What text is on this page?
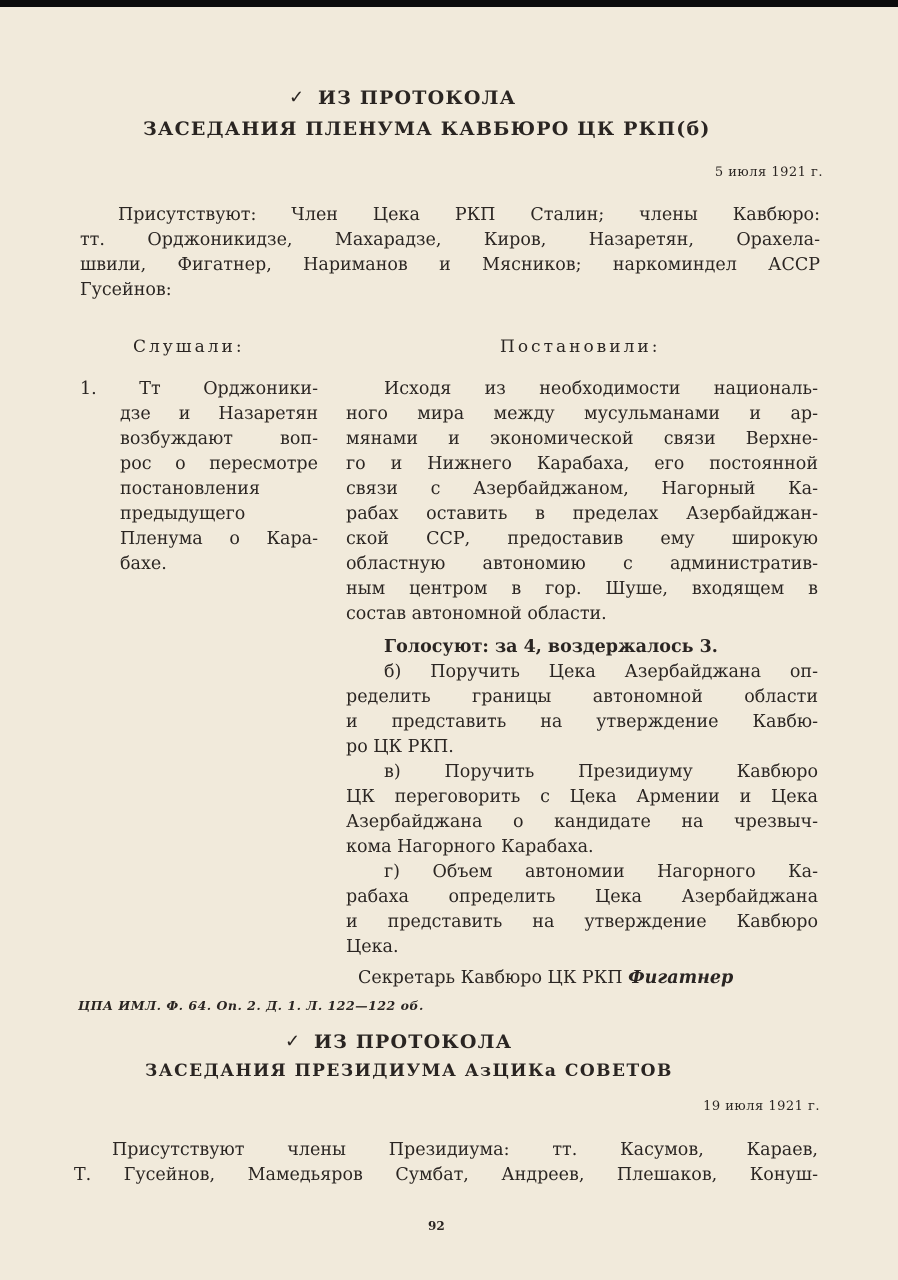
✓ ИЗ ПРОТОКОЛА
ЗАСЕДАНИЯ ПЛЕНУМА КАВБЮРО ЦК РКП(б)
5 июля 1921 г.
Присутствуют: Член Цека РКП Сталин; члены Кавбюро:
тт. Орджоникидзе, Махарадзе, Киров, Назаретян, Орахела-
швили, Фигатнер, Нариманов и Мясников; наркоминдел АССР
Гусейнов:
Слушали:	Постановили:
1. Тт Орджоники-
дзе и Назаретян
возбуждают воп-
рос о пересмотре
постановления
предыдущего
Пленума о Кара-
бахе.
Исходя из необходимости националь-
ного мира между мусульманами и ар-
мянами и экономической связи Верхне-
го и Нижнего Карабаха, его постоянной
связи с Азербайджаном, Нагорный Ка-
рабах оставить в пределах Азербайджан-
ской ССР, предоставив ему широкую
областную автономию с административ-
ным центром в гор. Шуше, входящем в
состав автономной области.
Голосуют: за 4, воздержалось 3.
б) Поручить Цека Азербайджана оп-
ределить границы автономной области
и представить на утверждение Кавбю-
ро ЦК РКП.
в) Поручить Президиуму Кавбюро
ЦК переговорить с Цека Армении и Цека
Азербайджана о кандидате на чрезвыч-
кома Нагорного Карабаха.
г) Объем автономии Нагорного Ка-
рабаха определить Цека Азербайджана
и представить на утверждение Кавбюро
Цека.
Секретарь Кавбюро ЦК РКП Фигатнер
ЦПА ИМЛ. Ф. 64. Оп. 2. Д. 1. Л. 122—122 об.
✓ ИЗ ПРОТОКОЛА
ЗАСЕДАНИЯ ПРЕЗИДИУМА АзЦИКа СОВЕТОВ
19 июля 1921 г.
Присутствуют члены Президиума: тт. Касумов, Караев,
Т. Гусейнов, Мамедьяров Сумбат, Андреев, Плешаков, Конуш-
92
